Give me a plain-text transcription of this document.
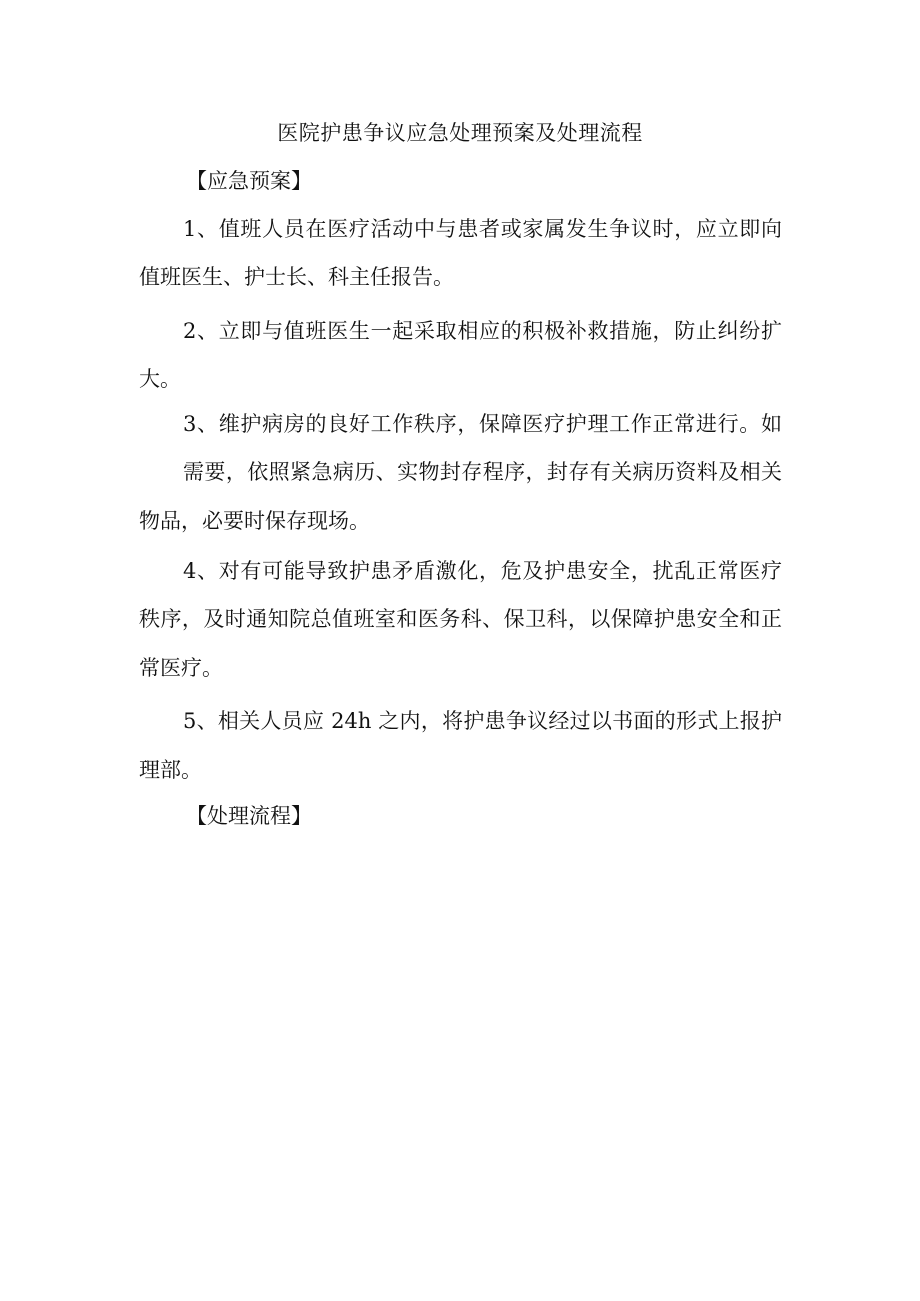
医院护患争议应急处理预案及处理流程
【应急预案】
1、值班人员在医疗活动中与患者或家属发生争议时，应立即向
值班医生、护士长、科主任报告。
2、立即与值班医生一起采取相应的积极补救措施，防止纠纷扩
大。
3、维护病房的良好工作秩序，保障医疗护理工作正常进行。如
需要，依照紧急病历、实物封存程序，封存有关病历资料及相关
物品，必要时保存现场。
4、对有可能导致护患矛盾激化，危及护患安全，扰乱正常医疗
秩序，及时通知院总值班室和医务科、保卫科，以保障护患安全和正
常医疗。
5、相关人员应 24h 之内，将护患争议经过以书面的形式上报护
理部。
【处理流程】
